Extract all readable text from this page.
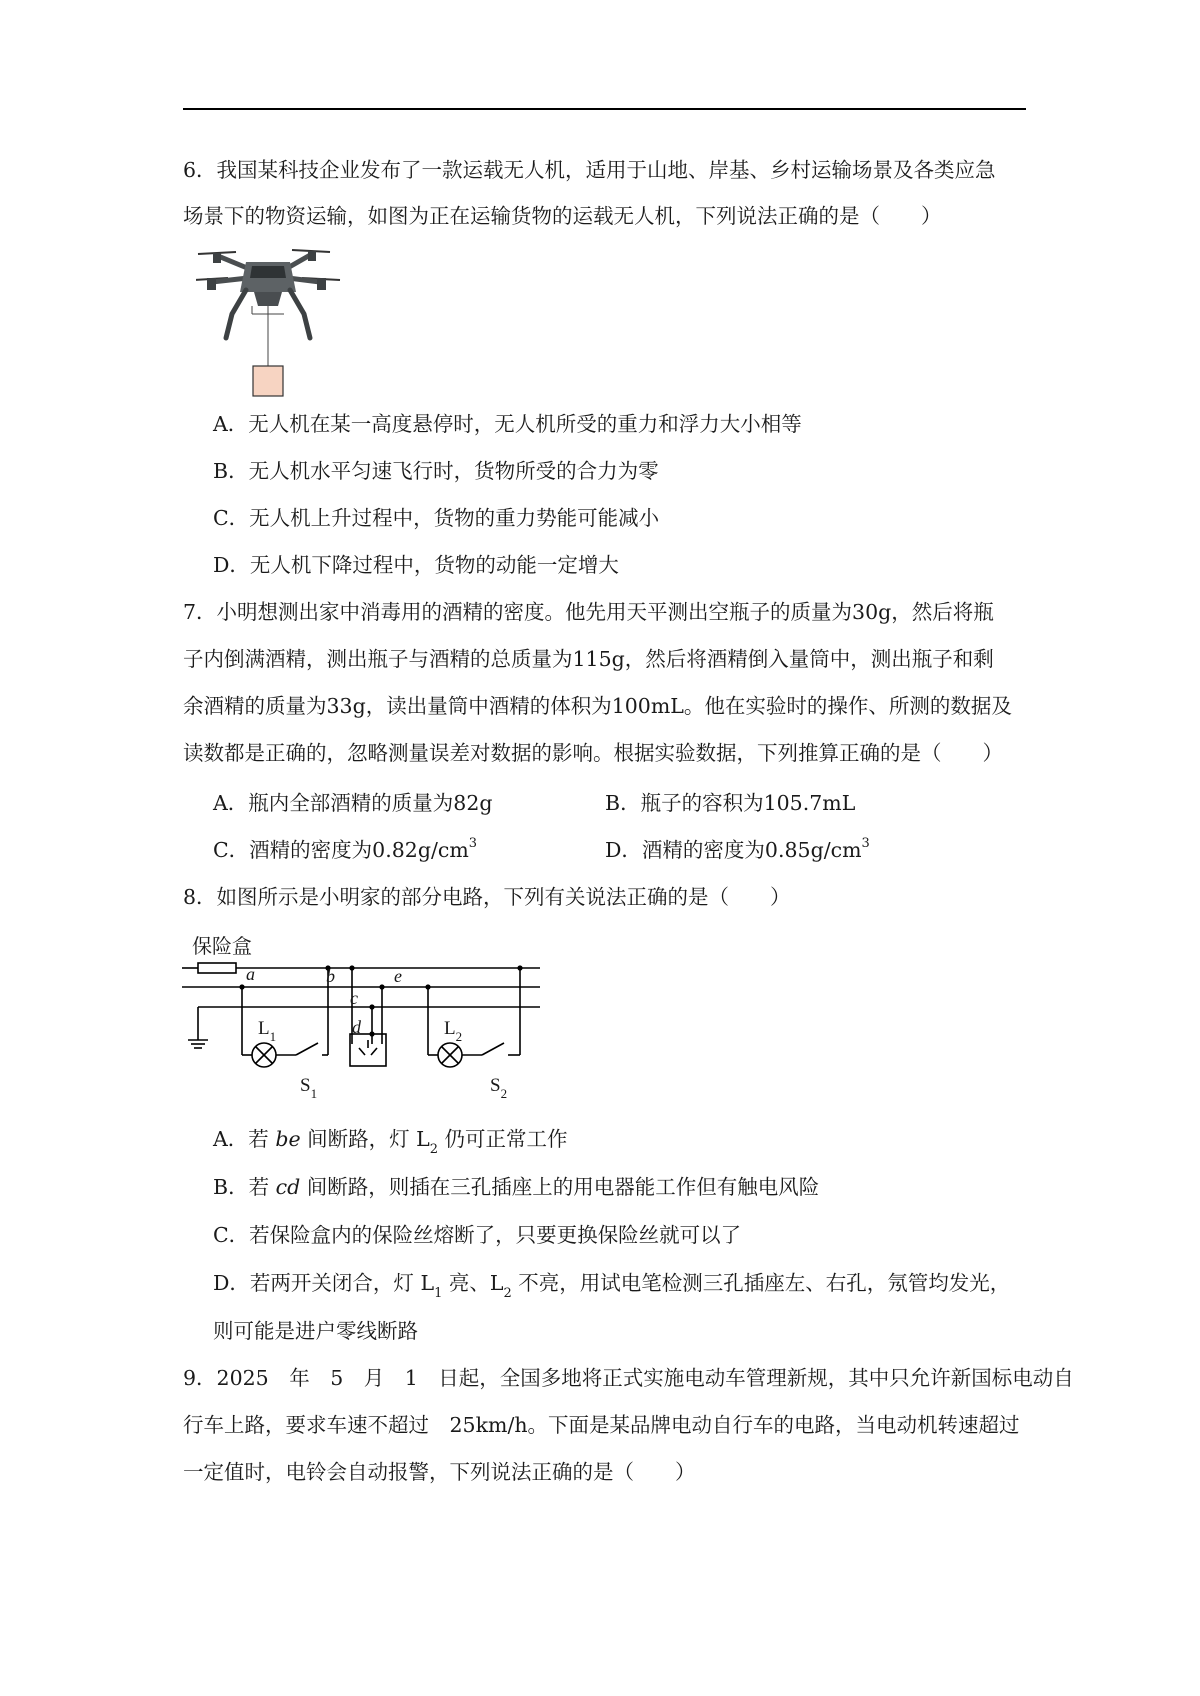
6．我国某科技企业发布了一款运载无人机，适用于山地、岸基、乡村运输场景及各类应急
场景下的物资运输，如图为正在运输货物的运载无人机，下列说法正确的是（　　）
A．无人机在某一高度悬停时，无人机所受的重力和浮力大小相等
B．无人机水平匀速飞行时，货物所受的合力为零
C．无人机上升过程中，货物的重力势能可能减小
D．无人机下降过程中，货物的动能一定增大
7．小明想测出家中消毒用的酒精的密度。他先用天平测出空瓶子的质量为30g，然后将瓶
子内倒满酒精，测出瓶子与酒精的总质量为115g，然后将酒精倒入量筒中，测出瓶子和剩
余酒精的质量为33g，读出量筒中酒精的体积为100mL。他在实验时的操作、所测的数据及
读数都是正确的，忽略测量误差对数据的影响。根据实验数据，下列推算正确的是（　　）
A．瓶内全部酒精的质量为82g	B．瓶子的容积为105.7mL
C．酒精的密度为$0.82g/cm^3$	D．酒精的密度为$0.85g/cm^3$
8．如图所示是小明家的部分电路，下列有关说法正确的是（　　）
保险盒
a	b
c
d
e
$L_1$	$L_2$
$S_1$	$S_2$
A．若 be 间断路，灯 $L_2$ 仍可正常工作
B．若 cd 间断路，则插在三孔插座上的用电器能工作但有触电风险
C．若保险盒内的保险丝熔断了，只要更换保险丝就可以了
D．若两开关闭合，灯 $L_1$ 亮、$L_2$ 不亮，用试电笔检测三孔插座左、右孔，氖管均发光，
则可能是进户零线断路
9．2025　年　5　月　1　日起，全国多地将正式实施电动车管理新规，其中只允许新国标电动自
行车上路，要求车速不超过　25km/h。下面是某品牌电动自行车的电路，当电动机转速超过
一定值时，电铃会自动报警，下列说法正确的是（　　）
